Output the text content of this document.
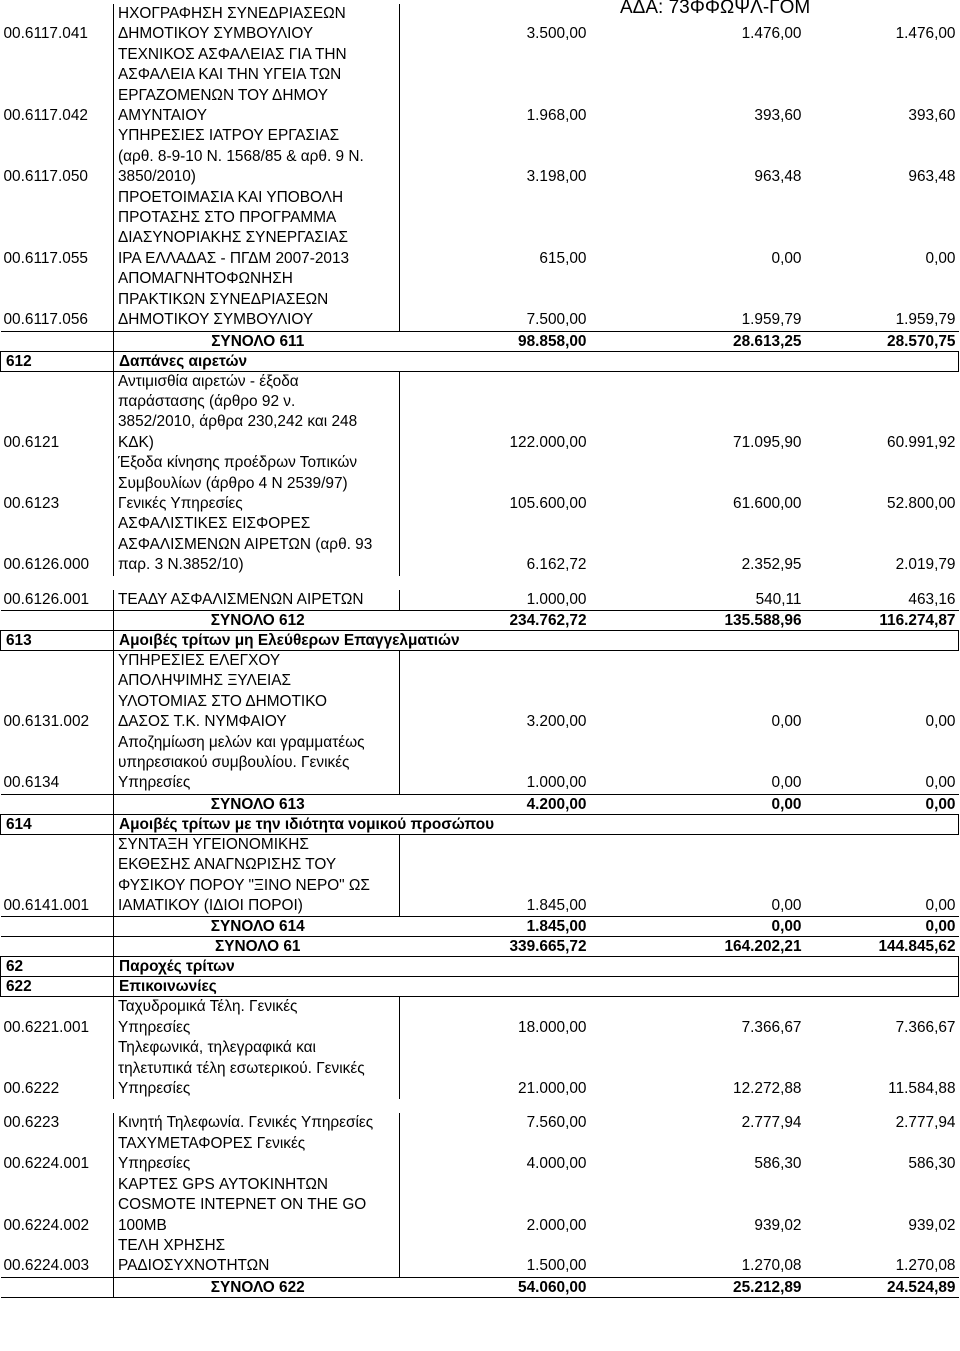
ΑΔΑ: 73ΦΦΩΨΛ-ΓΟΜ
00.6117.041	ΗΧΟΓΡΑΦΗΣΗ ΣΥΝΕΔΡΙΑΣΕΩΝ
ΔΗΜΟΤΙΚΟΥ ΣΥΜΒΟΥΛΙΟΥ	3.500,00	1.476,00	1.476,00
00.6117.042	ΤΕΧΝΙΚΟΣ ΑΣΦΑΛΕΙΑΣ ΓΙΑ ΤΗΝ
ΑΣΦΑΛΕΙΑ ΚΑΙ ΤΗΝ ΥΓΕΙΑ ΤΩΝ
ΕΡΓΑΖΟΜΕΝΩΝ ΤΟΥ ΔΗΜΟΥ
ΑΜΥΝΤΑΙΟΥ	1.968,00	393,60	393,60
00.6117.050	ΥΠΗΡΕΣΙΕΣ ΙΑΤΡΟΥ ΕΡΓΑΣΙΑΣ
(αρθ. 8-9-10 Ν. 1568/85 & αρθ. 9 Ν.
3850/2010)	3.198,00	963,48	963,48
00.6117.055	ΠΡΟΕΤΟΙΜΑΣΙΑ ΚΑΙ ΥΠΟΒΟΛΗ
ΠΡΟΤΑΣΗΣ ΣΤΟ ΠΡΟΓΡΑΜΜΑ
ΔΙΑΣΥΝΟΡΙΑΚΗΣ ΣΥΝΕΡΓΑΣΙΑΣ
ΙΡΑ ΕΛΛΑΔΑΣ - ΠΓΔΜ 2007-2013	615,00	0,00	0,00
00.6117.056	ΑΠΟΜΑΓΝΗΤΟΦΩΝΗΣΗ
ΠΡΑΚΤΙΚΩΝ ΣΥΝΕΔΡΙΑΣΕΩΝ
ΔΗΜΟΤΙΚΟΥ ΣΥΜΒΟΥΛΙΟΥ	7.500,00	1.959,79	1.959,79
	ΣΥΝΟΛΟ 611	98.858,00	28.613,25	28.570,75
612	Δαπάνες αιρετών			
00.6121	Αντιμισθία αιρετών - έξοδα
παράστασης (άρθρο 92 ν.
3852/2010, άρθρα 230,242 και 248
ΚΔΚ)	122.000,00	71.095,90	60.991,92
00.6123	Έξοδα κίνησης προέδρων Τοπικών
Συμβουλίων (άρθρο 4 Ν 2539/97)
Γενικές Υπηρεσίες	105.600,00	61.600,00	52.800,00
00.6126.000	ΑΣΦΑΛΙΣΤΙΚΕΣ ΕΙΣΦΟΡΕΣ
ΑΣΦΑΛΙΣΜΕΝΩΝ ΑΙΡΕΤΩΝ (αρθ. 93
παρ. 3 Ν.3852/10)	6.162,72	2.352,95	2.019,79

00.6126.001	ΤΕΑΔΥ ΑΣΦΑΛΙΣΜΕΝΩΝ ΑΙΡΕΤΩΝ	1.000,00	540,11	463,16
	ΣΥΝΟΛΟ 612	234.762,72	135.588,96	116.274,87
613	Αμοιβές τρίτων μη Ελεύθερων Επαγγελματιών			
00.6131.002	ΥΠΗΡΕΣΙΕΣ ΕΛΕΓΧΟΥ
ΑΠΟΛΗΨΙΜΗΣ ΞΥΛΕΙΑΣ
ΥΛΟΤΟΜΙΑΣ ΣΤΟ ΔΗΜΟΤΙΚΟ
ΔΑΣΟΣ Τ.Κ. ΝΥΜΦΑΙΟΥ	3.200,00	0,00	0,00
00.6134	Αποζημίωση μελών και γραμματέως
υπηρεσιακού συμβουλίου. Γενικές
Υπηρεσίες	1.000,00	0,00	0,00
	ΣΥΝΟΛΟ 613	4.200,00	0,00	0,00
614	Αμοιβές τρίτων με την ιδιότητα νομικού προσώπου			
00.6141.001	ΣΥΝΤΑΞΗ ΥΓΕΙΟΝΟΜΙΚΗΣ
ΕΚΘΕΣΗΣ ΑΝΑΓΝΩΡΙΣΗΣ ΤΟΥ
ΦΥΣΙΚΟΥ ΠΟΡΟΥ "ΞΙΝΟ ΝΕΡΟ" ΩΣ
ΙΑΜΑΤΙΚΟΥ (ΙΔΙΟΙ ΠΟΡΟΙ)	1.845,00	0,00	0,00
	ΣΥΝΟΛΟ 614	1.845,00	0,00	0,00
	ΣΥΝΟΛΟ 61	339.665,72	164.202,21	144.845,62
62	Παροχές τρίτων			
622	Επικοινωνίες			
00.6221.001	Ταχυδρομικά Τέλη. Γενικές
Υπηρεσίες	18.000,00	7.366,67	7.366,67
00.6222	Τηλεφωνικά, τηλεγραφικά και
τηλετυπικά τέλη εσωτερικού. Γενικές
Υπηρεσίες	21.000,00	12.272,88	11.584,88

00.6223	Κινητή Τηλεφωνία. Γενικές Υπηρεσίες	7.560,00	2.777,94	2.777,94
00.6224.001	ΤΑΧΥΜΕΤΑΦΟΡΕΣ Γενικές
Υπηρεσίες	4.000,00	586,30	586,30
00.6224.002	ΚΑΡΤΕΣ GPS ΑΥΤΟΚΙΝΗΤΩΝ
COSMOTE INTEPNET ON THE GO
100MB	2.000,00	939,02	939,02
00.6224.003	ΤΕΛΗ ΧΡΗΣΗΣ
ΡΑΔΙΟΣΥΧΝΟΤΗΤΩΝ	1.500,00	1.270,08	1.270,08
	ΣΥΝΟΛΟ 622	54.060,00	25.212,89	24.524,89
